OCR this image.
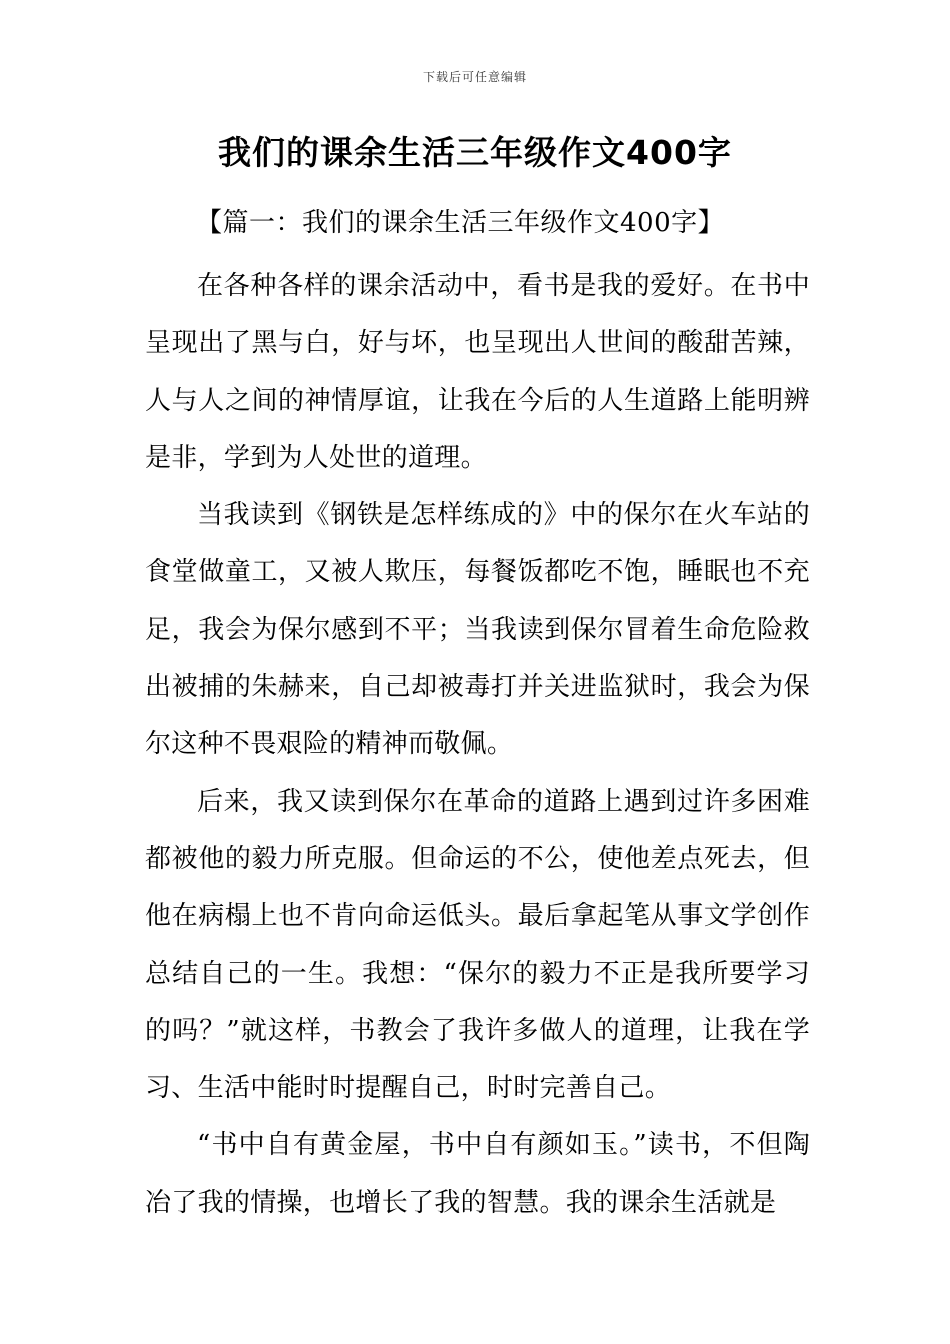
下载后可任意编辑
我们的课余生活三年级作文400字
【篇一：我们的课余生活三年级作文400字】

在各种各样的课余活动中，看书是我的爱好。在书中呈现出了黑与白，好与坏，也呈现出人世间的酸甜苦辣，人与人之间的神情厚谊，让我在今后的人生道路上能明辨是非，学到为人处世的道理。

当我读到《钢铁是怎样练成的》中的保尔在火车站的食堂做童工，又被人欺压，每餐饭都吃不饱，睡眠也不充足，我会为保尔感到不平；当我读到保尔冒着生命危险救出被捕的朱赫来，自己却被毒打并关进监狱时，我会为保尔这种不畏艰险的精神而敬佩。

后来，我又读到保尔在革命的道路上遇到过许多困难都被他的毅力所克服。但命运的不公，使他差点死去，但他在病榻上也不肯向命运低头。最后拿起笔从事文学创作总结自己的一生。我想：“保尔的毅力不正是我所要学习的吗？”就这样，书教会了我许多做人的道理，让我在学习、生活中能时时提醒自己，时时完善自己。

“书中自有黄金屋，书中自有颜如玉。”读书，不但陶冶了我的情操，也增长了我的智慧。我的课余生活就是
